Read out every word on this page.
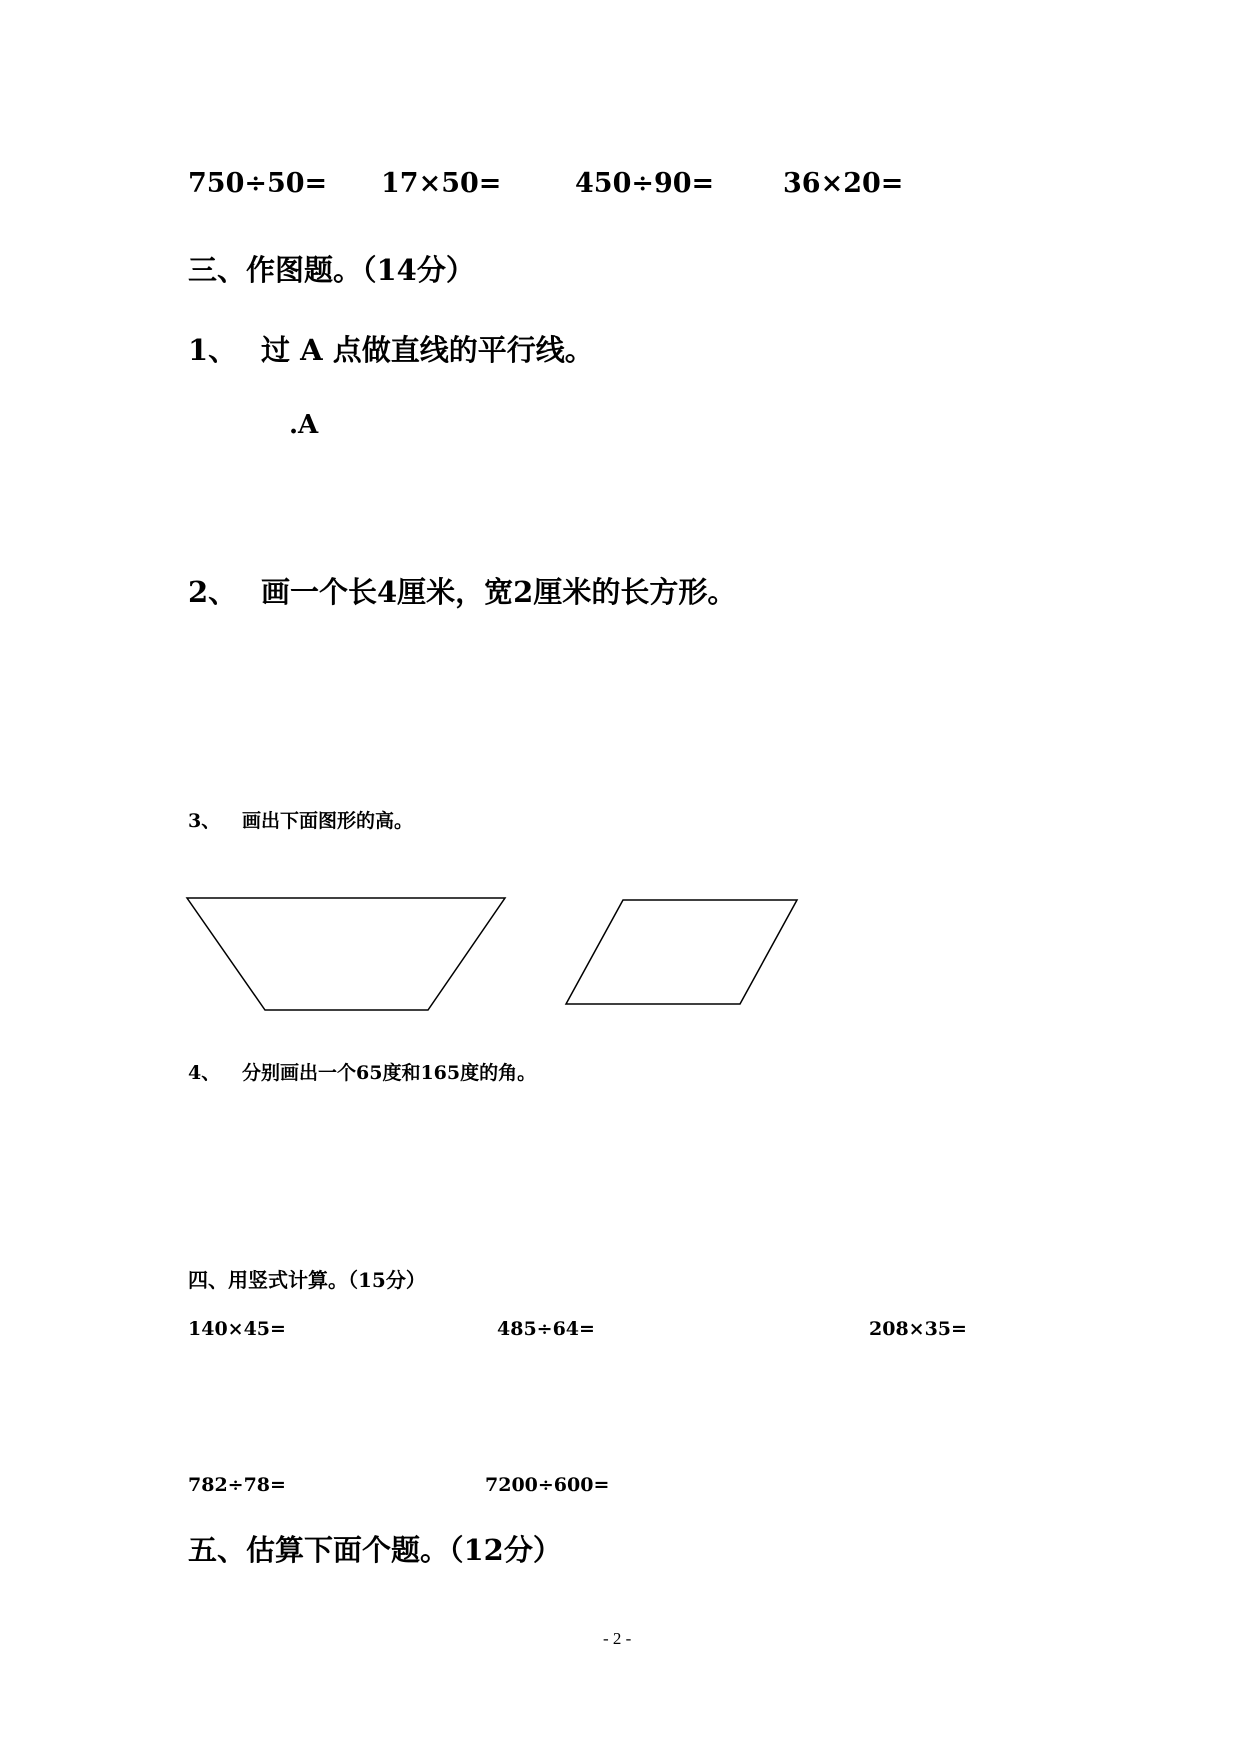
750÷50= 17×50=	450÷90=	36×20=
三、作图题。（14分）
1、 过 A 点做直线的平行线。
.A
2、 画一个长4厘米，宽2厘米的长方形。
3、 画出下面图形的高。
4、 分别画出一个65度和165度的角。
四、用竖式计算。（15分）
140×45=	485÷64=	208×35=
782÷78=	7200÷600=
五、估算下面个题。（12分）
- 2 -
